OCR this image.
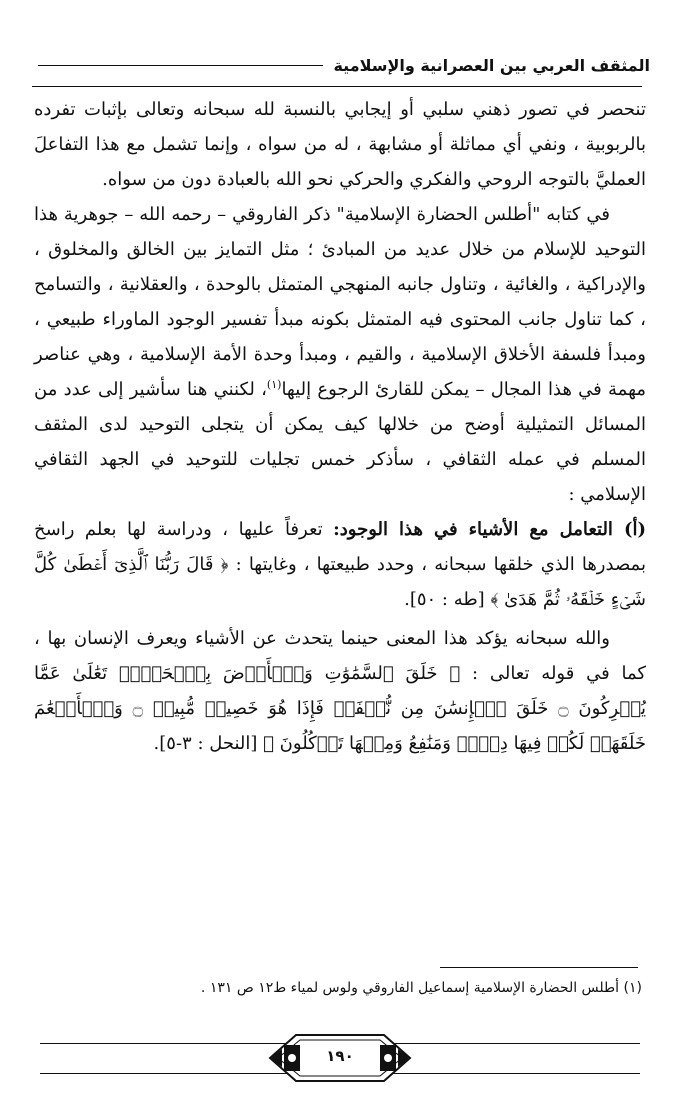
المثقف العربي بين العصرانية والإسلامية

تنحصر في تصور ذهني سلبي أو إيجابي بالنسبة لله سبحانه وتعالى بإثبات تفرده بالربوبية ، ونفي أي مماثلة أو مشابهة ، له من سواه ، وإنما تشمل مع هذا التفاعلَ العمليَّ بالتوجه الروحي والفكري والحركي نحو الله بالعبادة دون من سواه.

في كتابه "أطلس الحضارة الإسلامية" ذكر الفاروقي – رحمه الله – جوهرية هذا التوحيد للإسلام من خلال عديد من المبادئ ؛ مثل التمايز بين الخالق والمخلوق ، والإدراكية ، والغائية ، وتناول جانبه المنهجي المتمثل بالوحدة ، والعقلانية ، والتسامح ، كما تناول جانب المحتوى فيه المتمثل بكونه مبدأ تفسير الوجود الماوراء طبيعي ، ومبدأ فلسفة الأخلاق الإسلامية ، والقيم ، ومبدأ وحدة الأمة الإسلامية ، وهي عناصر مهمة في هذا المجال – يمكن للقارئ الرجوع إليها$^{(١)}$، لكنني هنا سأشير إلى عدد من المسائل التمثيلية أوضح من خلالها كيف يمكن أن يتجلى التوحيد لدى المثقف المسلم في عمله الثقافي ، سأذكر خمس تجليات للتوحيد في الجهد الثقافي الإسلامي :

(أ) التعامل مع الأشياء في هذا الوجود: تعرفاً عليها ، ودراسة لها بعلم راسخ بمصدرها الذي خلقها سبحانه ، وحدد طبيعتها ، وغايتها : ﴿ قَالَ رَبُّنَا ٱلَّذِىٓ أَعۡطَىٰ كُلَّ شَىۡءٍ خَلۡقَهُۥ ثُمَّ هَدَىٰ ﴾ [طه : ٥٠].

والله سبحانه يؤكد هذا المعنى حينما يتحدث عن الأشياء ويعرف الإنسان بها ، كما في قوله تعالى : ﴿ خَلَقَ ٱلسَّمَٰوَٰتِ وَٱلۡأَرۡضَ بِٱلۡحَقِّۚ تَعَٰلَىٰ عَمَّا يُشۡرِكُونَ ۝ خَلَقَ ٱلۡإِنسَٰنَ مِن نُّطۡفَةٖ فَإِذَا هُوَ خَصِيمٞ مُّبِينٞ ۝ وَٱلۡأَنۡعَٰمَ خَلَقَهَاۖ لَكُمۡ فِيهَا دِفۡءٞ وَمَنَٰفِعُ وَمِنۡهَا تَأۡكُلُونَ ﴾ [النحل : ٣-٥].

(١) أطلس الحضارة الإسلامية إسماعيل الفاروقي ولوس لمياء ط١٢ ص ١٣١ .
١٩٠
